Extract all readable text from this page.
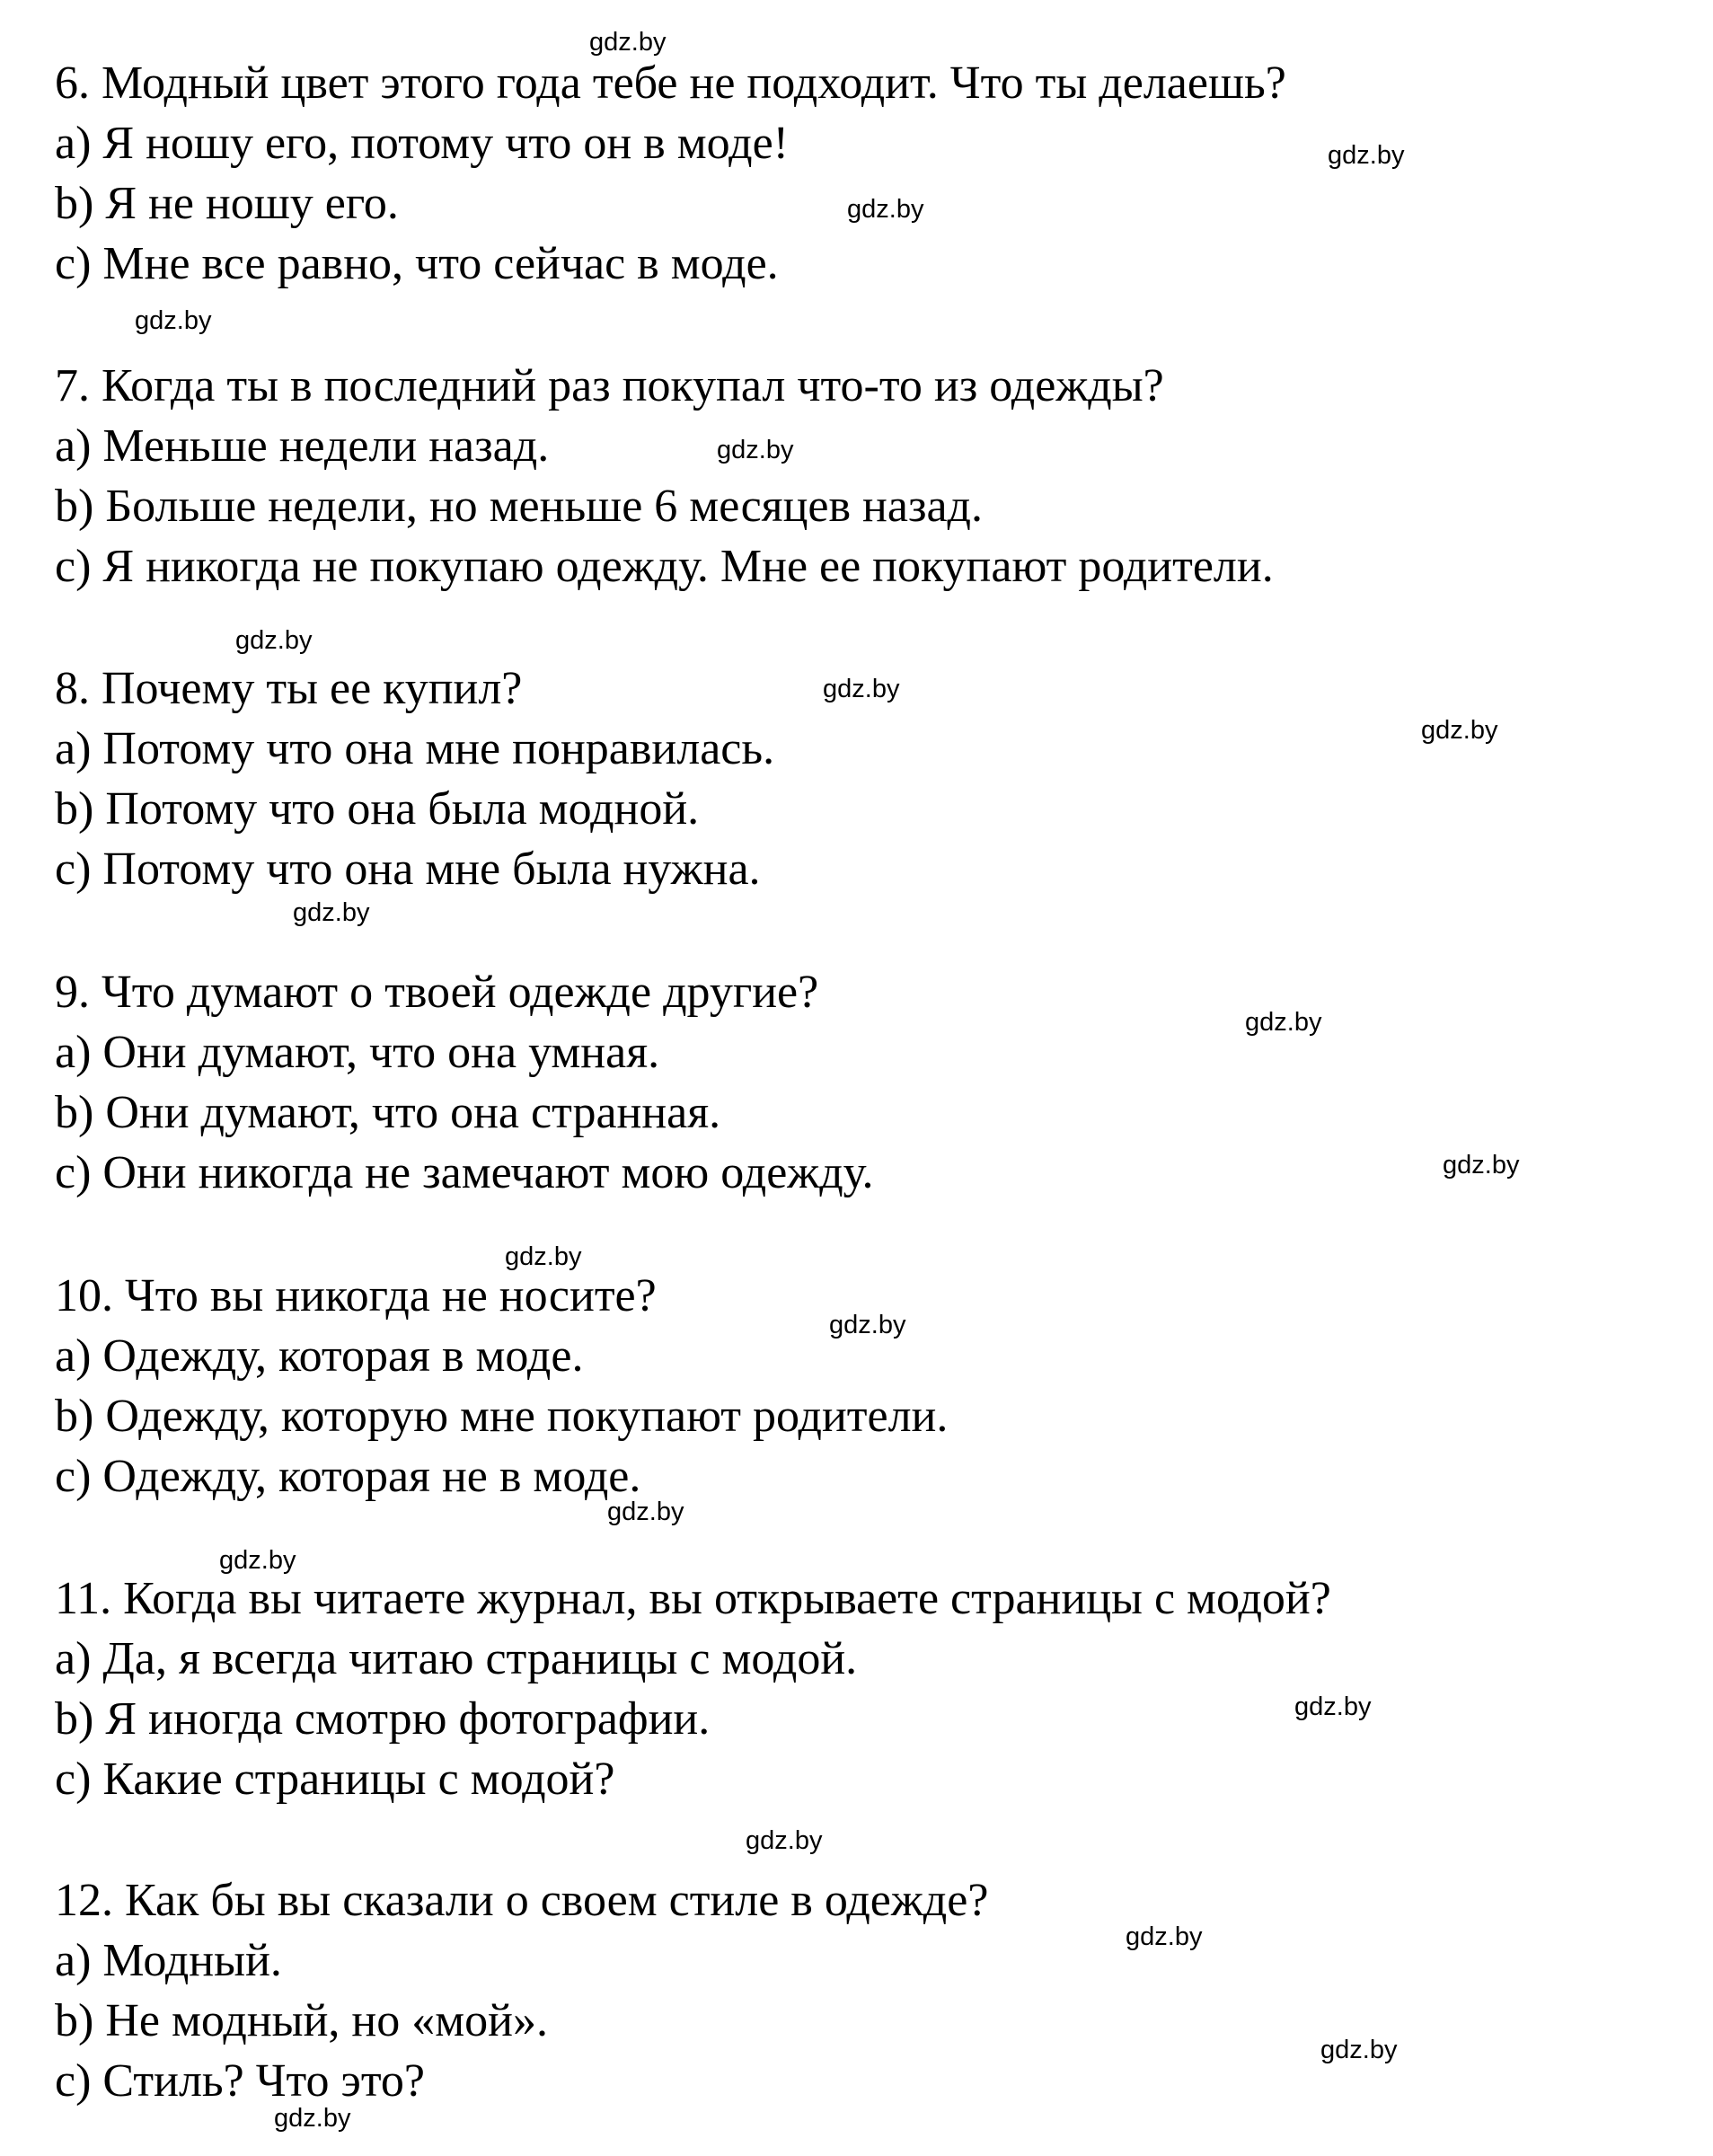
6. Модный цвет этого года тебе не подходит. Что ты делаешь?

a) Я ношу его, потому что он в моде!

b) Я не ношу его.

c) Мне все равно, что сейчас в моде.

7. Когда ты в последний раз покупал что-то из одежды?

a) Меньше недели назад.

b) Больше недели, но меньше 6 месяцев назад.

c) Я никогда не покупаю одежду. Мне ее покупают родители.

8. Почему ты ее купил?

a) Потому что она мне понравилась.

b) Потому что она была модной.

c) Потому что она мне была нужна.

9. Что думают о твоей одежде другие?

a) Они думают, что она умная.

b) Они думают, что она странная.

c) Они никогда не замечают мою одежду.

10. Что вы никогда не носите?

a) Одежду, которая в моде.

b) Одежду, которую мне покупают родители.

c) Одежду, которая не в моде.

11. Когда вы читаете журнал, вы открываете страницы с модой?

a) Да, я всегда читаю страницы с модой.

b) Я иногда смотрю фотографии.

c) Какие страницы с модой?

12. Как бы вы сказали о своем стиле в одежде?

a) Модный.

b) Не модный, но «мой».

c) Стиль? Что это?

gdz.by
gdz.by
gdz.by
gdz.by
gdz.by
gdz.by
gdz.by
gdz.by
gdz.by
gdz.by
gdz.by
gdz.by
gdz.by
gdz.by
gdz.by
gdz.by
gdz.by
gdz.by
gdz.by
gdz.by
